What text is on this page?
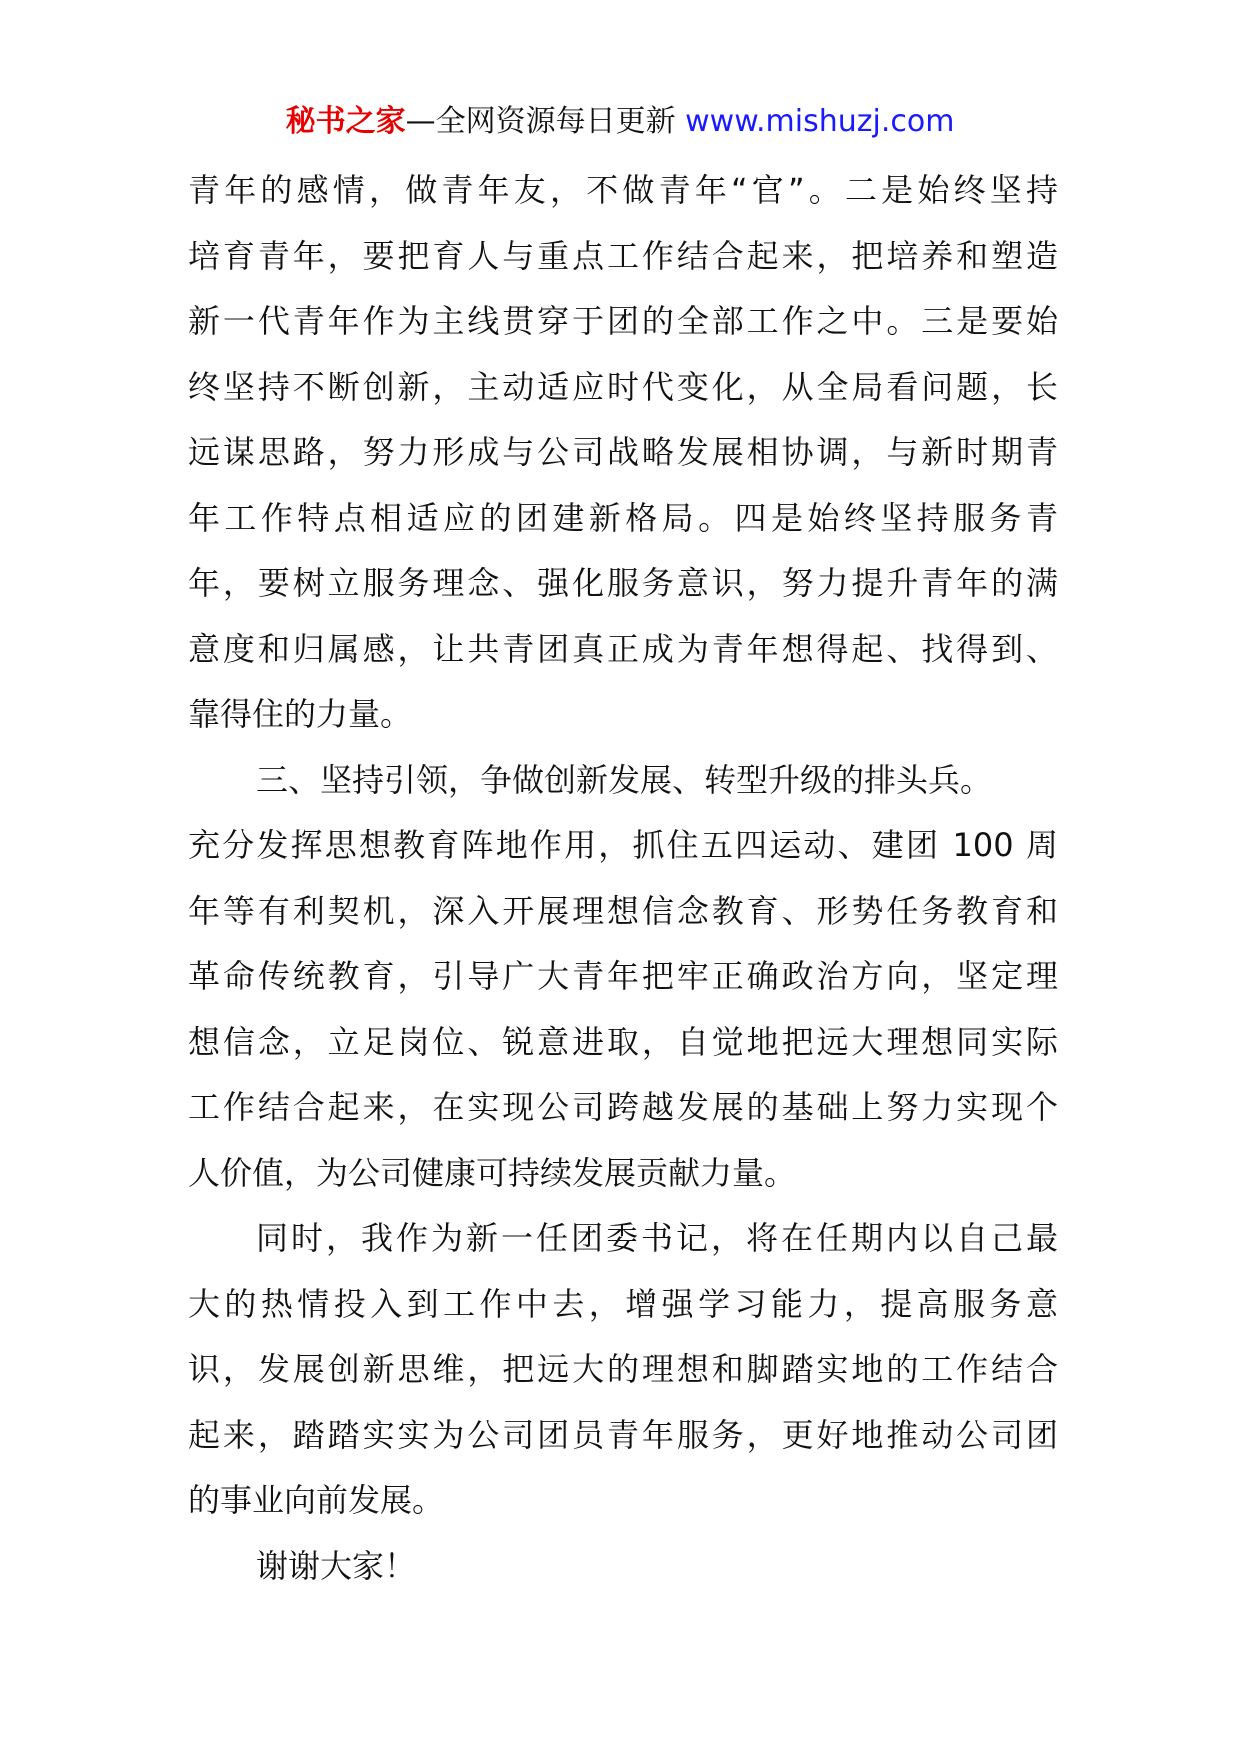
秘书之家—全网资源每日更新 www.mishuzj.com
青年的感情，做青年友，不做青年“官”。二是始终坚持
培育青年，要把育人与重点工作结合起来，把培养和塑造
新一代青年作为主线贯穿于团的全部工作之中。三是要始
终坚持不断创新，主动适应时代变化，从全局看问题，长
远谋思路，努力形成与公司战略发展相协调，与新时期青
年工作特点相适应的团建新格局。四是始终坚持服务青
年，要树立服务理念、强化服务意识，努力提升青年的满
意度和归属感，让共青团真正成为青年想得起、找得到、
靠得住的力量。
三、坚持引领，争做创新发展、转型升级的排头兵。
充分发挥思想教育阵地作用，抓住五四运动、建团 100 周
年等有利契机，深入开展理想信念教育、形势任务教育和
革命传统教育，引导广大青年把牢正确政治方向，坚定理
想信念，立足岗位、锐意进取，自觉地把远大理想同实际
工作结合起来，在实现公司跨越发展的基础上努力实现个
人价值，为公司健康可持续发展贡献力量。
同时，我作为新一任团委书记，将在任期内以自己最
大的热情投入到工作中去，增强学习能力，提高服务意
识，发展创新思维，把远大的理想和脚踏实地的工作结合
起来，踏踏实实为公司团员青年服务，更好地推动公司团
的事业向前发展。
谢谢大家！
